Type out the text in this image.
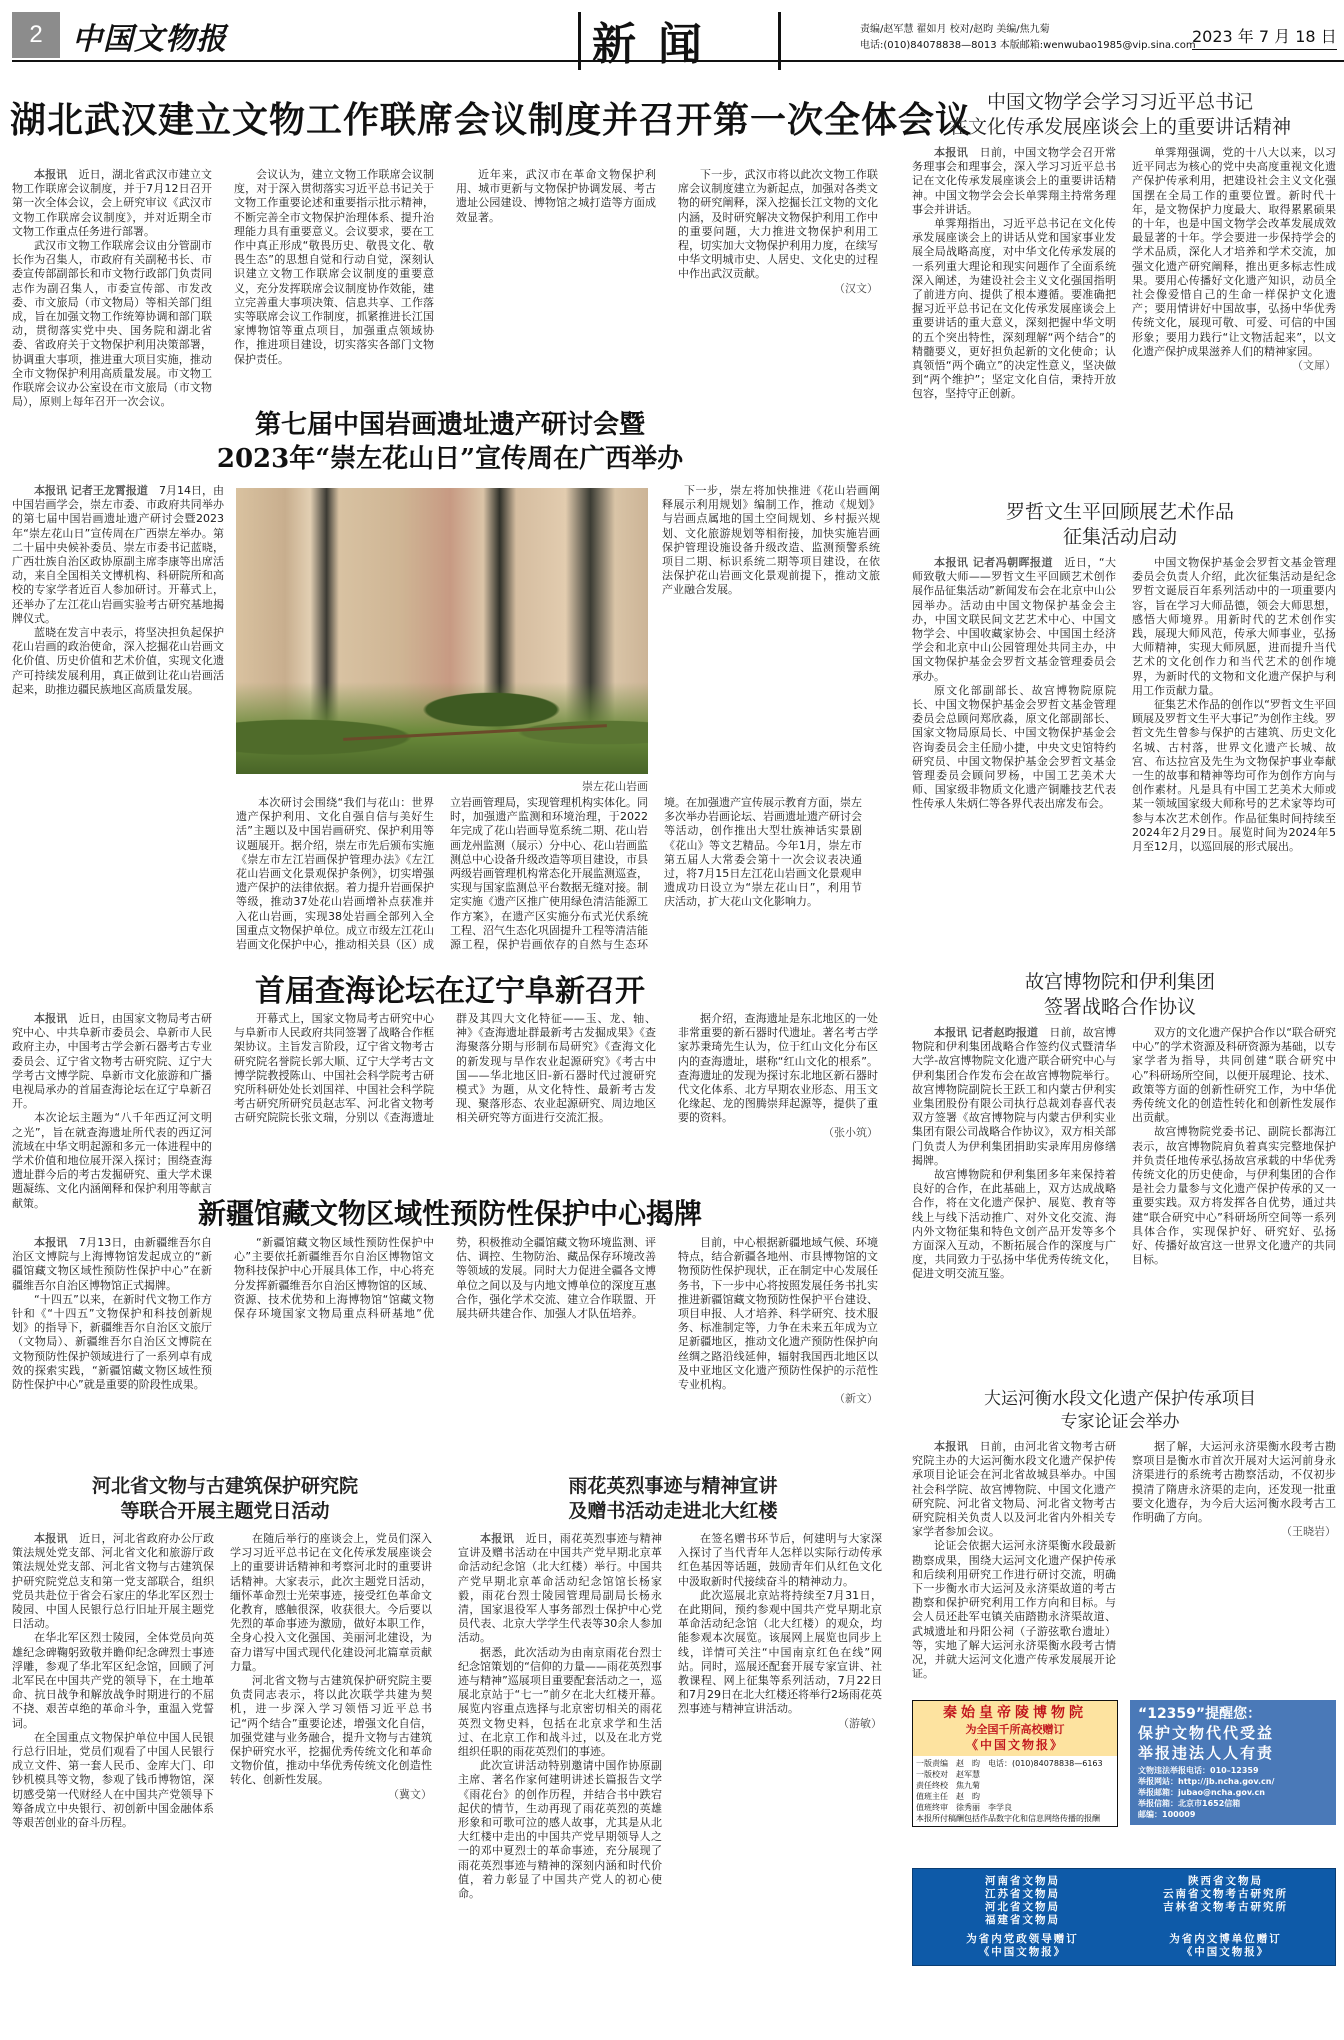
2 中国文物报	新闻	责编/赵军慧 翟如月 校对/赵昀 美编/焦九菊
电话:(010)84078838—8013 本版邮箱:wenwubao1985@vip.sina.com
2023 年 7 月 18 日
湖北武汉建立文物工作联席会议制度并召开第一次全体会议

本报讯　 近日，湖北省武汉市建立文物工作联席会议制度，并于7月12日召开第一次全体会议，会上研究审议《武汉市文物工作联席会议制度》，并对近期全市文物工作重点任务进行部署。

武汉市文物工作联席会议由分管副市长作为召集人，市政府有关副秘书长、市委宣传部副部长和市文物行政部门负责同志作为副召集人，市委宣传部、市发改委、市文旅局（市文物局）等相关部门组成，旨在加强文物工作统筹协调和部门联动，贯彻落实党中央、国务院和湖北省委、省政府关于文物保护利用决策部署，协调重大事项，推进重大项目实施，推动全市文物保护利用高质量发展。市文物工作联席会议办公室设在市文旅局（市文物局），原则上每年召开一次会议。

会议认为，建立文物工作联席会议制度，对于深入贯彻落实习近平总书记关于文物工作重要论述和重要指示批示精神，不断完善全市文物保护治理体系、提升治理能力具有重要意义。会议要求，要在工作中真正形成“敬畏历史、敬畏文化、敬畏生态”的思想自觉和行动自觉，深刻认识建立文物工作联席会议制度的重要意义，充分发挥联席会议制度协作效能，建立完善重大事项决策、信息共享、工作落实等联席会议工作制度，抓紧推进长江国家博物馆等重点项目，加强重点领域协作，推进项目建设，切实落实各部门文物保护责任。

近年来，武汉市在革命文物保护利用、城市更新与文物保护协调发展、考古遗址公园建设、博物馆之城打造等方面成效显著。

下一步，武汉市将以此次文物工作联席会议制度建立为新起点，加强对各类文物的研究阐释，深入挖掘长江文物的文化内涵，及时研究解决文物保护利用工作中的重要问题，大力推进文物保护利用工程，切实加大文物保护利用力度，在续写中华文明城市史、人居史、文化史的过程中作出武汉贡献。

（汉文）
中国文物学会学习习近平总书记
在文化传承发展座谈会上的重要讲话精神

本报讯　 日前，中国文物学会召开常务理事会和理事会，深入学习习近平总书记在文化传承发展座谈会上的重要讲话精神。中国文物学会会长单霁翔主持常务理事会并讲话。

单霁翔指出，习近平总书记在文化传承发展座谈会上的讲话从党和国家事业发展全局战略高度，对中华文化传承发展的一系列重大理论和现实问题作了全面系统深入阐述，为建设社会主义文化强国指明了前进方向、提供了根本遵循。要准确把握习近平总书记在文化传承发展座谈会上重要讲话的重大意义，深刻把握中华文明的五个突出特性，深刻理解“两个结合”的精髓要义，更好担负起新的文化使命；认真领悟“两个确立”的决定性意义，坚决做到“两个维护”；坚定文化自信，秉持开放包容，坚持守正创新。

单霁翔强调，党的十八大以来，以习近平同志为核心的党中央高度重视文化遗产保护传承利用，把建设社会主义文化强国摆在全局工作的重要位置。新时代十年，是文物保护力度最大、取得累累硕果的十年，也是中国文物学会改革发展成效最显著的十年。学会要进一步保持学会的学术品质，深化人才培养和学术交流，加强文化遗产研究阐释，推出更多标志性成果。要用心传播好文化遗产知识，动员全社会像爱惜自己的生命一样保护文化遗产；要用情讲好中国故事，弘扬中华优秀传统文化，展现可敬、可爱、可信的中国形象；要用力践行“让文物活起来”，以文化遗产保护成果滋养人们的精神家园。

（文犀）
第七届中国岩画遗址遗产研讨会暨
2023年“崇左花山日”宣传周在广西举办

本报讯 记者王龙霄报道　 7月14日，由中国岩画学会，崇左市委、市政府共同举办的第七届中国岩画遗址遗产研讨会暨2023年“崇左花山日”宣传周在广西崇左举办。第二十届中央候补委员、崇左市委书记蓝晓，广西壮族自治区政协原副主席李康等出席活动，来自全国相关文博机构、科研院所和高校的专家学者近百人参加研讨。开幕式上，还举办了左江花山岩画实验考古研究基地揭牌仪式。

蓝晓在发言中表示，将坚决担负起保护花山岩画的政治使命，深入挖掘花山岩画文化价值、历史价值和艺术价值，实现文化遗产可持续发展利用，真正做到让花山岩画活起来，助推边疆民族地区高质量发展。

崇左花山岩画

本次研讨会围绕“我们与花山：世界遗产保护利用、文化自强自信与美好生活”主题以及中国岩画研究、保护利用等议题展开。据介绍，崇左市先后颁布实施《崇左市左江岩画保护管理办法》《左江花山岩画文化景观保护条例》，切实增强遗产保护的法律依据。着力提升岩画保护等级，推动37处花山岩画增补点获准并入花山岩画，实现38处岩画全部列入全国重点文物保护单位。成立市级左江花山岩画文化保护中心，推动相关县（区）成立岩画管理局，实现管理机构实体化。同时，加强遗产监测和环境治理，于2022年完成了花山岩画导览系统二期、花山岩画龙州监测（展示）分中心、花山岩画监测总中心设备升级改造等项目建设，市县两级岩画管理机构常态化开展监测巡查，实现与国家监测总平台数据无缝对接。制定实施《遗产区推广使用绿色清洁能源工作方案》，在遗产区实施分布式光伏系统工程、沼气生态化巩固提升工程等清洁能源工程，保护岩画依存的自然与生态环境。在加强遗产宣传展示教育方面，崇左多次举办岩画论坛、岩画遗址遗产研讨会等活动，创作推出大型壮族神话实景剧《花山》等文艺精品。今年1月，崇左市第五届人大常委会第十一次会议表决通过，将7月15日左江花山岩画文化景观申遗成功日设立为“崇左花山日”，利用节庆活动，扩大花山文化影响力。

下一步，崇左将加快推进《花山岩画阐释展示利用规划》编制工作，推动《规划》与岩画点属地的国土空间规划、乡村振兴规划、文化旅游规划等相衔接，加快实施岩画保护管理设施设备升级改造、监测预警系统项目二期、标识系统二期等项目建设，在依法保护花山岩画文化景观前提下，推动文旅产业融合发展。

罗哲文生平回顾展艺术作品
征集活动启动

本报讯 记者冯朝晖报道　 近日，“大师致敬大师——罗哲文生平回顾艺术创作展作品征集活动”新闻发布会在北京中山公园举办。活动由中国文物保护基金会主办，中国文联民间文艺艺术中心、中国文物学会、中国收藏家协会、中国国土经济学会和北京中山公园管理处共同主办，中国文物保护基金会罗哲文基金管理委员会承办。

原文化部副部长、故宫博物院原院长、中国文物保护基金会罗哲文基金管理委员会总顾问郑欣淼，原文化部副部长、国家文物局原局长、中国文物保护基金会咨询委员会主任励小捷，中央文史馆特约研究员、中国文物保护基金会罗哲文基金管理委员会顾问罗杨，中国工艺美术大师、国家级非物质文化遗产铜雕技艺代表性传承人朱炳仁等各界代表出席发布会。

中国文物保护基金会罗哲文基金管理委员会负责人介绍，此次征集活动是纪念罗哲文诞辰百年系列活动中的一项重要内容，旨在学习大师品德，领会大师思想，感悟大师境界。用新时代的艺术创作实践，展现大师风范，传承大师事业，弘扬大师精神，实现大师夙愿，进而提升当代艺术的文化创作力和当代艺术的创作境界，为新时代的文物和文化遗产保护与利用工作贡献力量。

征集艺术作品的创作以“罗哲文生平回顾展及罗哲文生平大事记”为创作主线。罗哲文先生曾参与保护的古建筑、历史文化名城、古村落，世界文化遗产长城、故宫、布达拉宫及先生为文物保护事业奉献一生的故事和精神等均可作为创作方向与创作素材。凡是具有中国工艺美术大师或某一领域国家级大师称号的艺术家等均可参与本次艺术创作。作品征集时间持续至2024年2月29日。展览时间为2024年5月至12月，以巡回展的形式展出。

首届查海论坛在辽宁阜新召开

本报讯　 近日，由国家文物局考古研究中心、中共阜新市委员会、阜新市人民政府主办，中国考古学会新石器考古专业委员会、辽宁省文物考古研究院、辽宁大学考古文博学院、阜新市文化旅游和广播电视局承办的首届查海论坛在辽宁阜新召开。

本次论坛主题为“八千年西辽河文明之光”，旨在就查海遗址所代表的西辽河流域在中华文明起源和多元一体进程中的学术价值和地位展开深入探讨；围绕查海遗址群今后的考古发掘研究、重大学术课题凝练、文化内涵阐释和保护利用等献言献策。

开幕式上，国家文物局考古研究中心与阜新市人民政府共同签署了战略合作框架协议。主旨发言阶段，辽宁省文物考古研究院名誉院长郭大顺、辽宁大学考古文博学院教授陈山、中国社会科学院考古研究所科研处处长刘国祥、中国社会科学院考古研究所研究员赵志军、河北省文物考古研究院院长张文瑞，分别以《查海遗址群及其四大文化特征——玉、龙、轴、神》《查海遗址群最新考古发掘成果》《查海聚落分期与形制布局研究》《查海文化的新发现与旱作农业起源研究》《考古中国——华北地区旧-新石器时代过渡研究模式》为题，从文化特性、最新考古发现、聚落形态、农业起源研究、周边地区相关研究等方面进行交流汇报。

据介绍，查海遗址是东北地区的一处非常重要的新石器时代遗址。著名考古学家苏秉琦先生认为，位于红山文化分布区内的查海遗址，堪称“红山文化的根系”。查海遗址的发现为探讨东北地区新石器时代文化体系、北方早期农业形态、用玉文化缘起、龙的图腾崇拜起源等，提供了重要的资料。

（张小筑）
故宫博物院和伊利集团
签署战略合作协议

本报讯 记者赵昀报道　 日前，故宫博物院和伊利集团战略合作签约仪式暨清华大学-故宫博物院文化遗产联合研究中心与伊利集团合作发布会在故宫博物院举行。故宫博物院副院长王跃工和内蒙古伊利实业集团股份有限公司执行总裁刘春喜代表双方签署《故宫博物院与内蒙古伊利实业集团有限公司战略合作协议》，双方相关部门负责人为伊利集团捐助实录库用房修缮揭牌。

故宫博物院和伊利集团多年来保持着良好的合作，在此基础上，双方达成战略合作，将在文化遗产保护、展览、教育等线上与线下活动推广、对外文化交流、海内外文物征集和特色文创产品开发等多个方面深入互动，不断拓展合作的深度与广度，共同致力于弘扬中华优秀传统文化，促进文明交流互鉴。

双方的文化遗产保护合作以“联合研究中心”的学术资源及科研资源为基础，以专家学者为指导，共同创建“联合研究中心”科研场所空间，以便开展理论、技术、政策等方面的创新性研究工作，为中华优秀传统文化的创造性转化和创新性发展作出贡献。

故宫博物院党委书记、副院长都海江表示，故宫博物院肩负着真实完整地保护并负责任地传承弘扬故宫承载的中华优秀传统文化的历史使命，与伊利集团的合作是社会力量参与文化遗产保护传承的又一重要实践。双方将发挥各自优势，通过共建“联合研究中心”科研场所空间等一系列具体合作，实现保护好、研究好、弘扬好、传播好故宫这一世界文化遗产的共同目标。

新疆馆藏文物区域性预防性保护中心揭牌

本报讯　 7月13日，由新疆维吾尔自治区文博院与上海博物馆发起成立的“新疆馆藏文物区域性预防性保护中心”在新疆维吾尔自治区博物馆正式揭牌。

“十四五”以来，在新时代文物工作方针和《“十四五”文物保护和科技创新规划》的指导下，新疆维吾尔自治区文旅厅（文物局）、新疆维吾尔自治区文博院在文物预防性保护领域进行了一系列卓有成效的探索实践，“新疆馆藏文物区域性预防性保护中心”就是重要的阶段性成果。

“新疆馆藏文物区域性预防性保护中心”主要依托新疆维吾尔自治区博物馆文物科技保护中心开展具体工作，中心将充分发挥新疆维吾尔自治区博物馆的区域、资源、技术优势和上海博物馆“馆藏文物保存环境国家文物局重点科研基地”优势，积极推动全疆馆藏文物环境监测、评估、调控、生物防治、藏品保存环境改善等领域的发展。同时大力促进全疆各文博单位之间以及与内地文博单位的深度互惠合作，强化学术交流、建立合作联盟、开展共研共建合作、加强人才队伍培养。

目前，中心根据新疆地域气候、环境特点，结合新疆各地州、市县博物馆的文物预防性保护现状，正在制定中心发展任务书，下一步中心将按照发展任务书扎实推进新疆馆藏文物预防性保护平台建设、项目申报、人才培养、科学研究、技术服务、标准制定等，力争在未来五年成为立足新疆地区，推动文化遗产预防性保护向丝绸之路沿线延伸，辐射我国西北地区以及中亚地区文化遗产预防性保护的示范性专业机构。

（新文）	大运河衡水段文化遗产保护传承项目
专家论证会举办

本报讯　 日前，由河北省文物考古研究院主办的大运河衡水段文化遗产保护传承项目论证会在河北省故城县举办。中国社会科学院、故宫博物院、中国文化遗产研究院、河北省文物局、河北省文物考古研究院相关负责人以及河北省内外相关专家学者参加会议。

论证会依据大运河永济渠衡水段最新勘察成果，围绕大运河文化遗产保护传承和后续利用研究工作进行研讨交流，明确下一步衡水市大运河及永济渠故道的考古勘察和保护研究利用工作方向和目标。与会人员还赴军屯镇关庙踏勘永济渠故道、武城遗址和丹阳公祠（子游弦歌台遗址）等，实地了解大运河永济渠衡水段考古情况，并就大运河文化遗产传承发展展开论证。

据了解，大运河永济渠衡水段考古勘察项目是衡水市首次开展对大运河前身永济渠进行的系统考古勘察活动，不仅初步摸清了隋唐永济渠的走向，还发现一批重要文化遗存，为今后大运河衡水段考古工作明确了方向。

（王晓岩）
河北省文物与古建筑保护研究院
等联合开展主题党日活动

本报讯　 近日，河北省政府办公厅政策法规处党支部、河北省文化和旅游厅政策法规处党支部、河北省文物与古建筑保护研究院党总支和第一党支部联合，组织党员共赴位于省会石家庄的华北军区烈士陵园、中国人民银行总行旧址开展主题党日活动。

在华北军区烈士陵园，全体党员向英雄纪念碑鞠躬致敬并瞻仰纪念碑烈士事迹浮雕，参观了华北军区纪念馆，回顾了河北军民在中国共产党的领导下，在土地革命、抗日战争和解放战争时期进行的不屈不挠、艰苦卓绝的革命斗争，重温入党誓词。

在全国重点文物保护单位中国人民银行总行旧址，党员们观看了中国人民银行成立文件、第一套人民币、金库大门、印钞机模具等文物，参观了钱币博物馆，深切感受第一代财经人在中国共产党领导下筹备成立中央银行、初创新中国金融体系等艰苦创业的奋斗历程。

在随后举行的座谈会上，党员们深入学习习近平总书记在文化传承发展座谈会上的重要讲话精神和考察河北时的重要讲话精神。大家表示，此次主题党日活动，缅怀革命烈士光荣事迹，接受红色革命文化教育，感触很深，收获很大。今后要以先烈的革命事迹为激励，做好本职工作，全身心投入文化强国、美丽河北建设，为奋力谱写中国式现代化建设河北篇章贡献力量。

河北省文物与古建筑保护研究院主要负责同志表示，将以此次联学共建为契机，进一步深入学习领悟习近平总书记“两个结合”重要论述，增强文化自信，加强党建与业务融合，提升文物与古建筑保护研究水平，挖掘优秀传统文化和革命文物价值，推动中华优秀传统文化创造性转化、创新性发展。

（冀文）
雨花英烈事迹与精神宣讲
及赠书活动走进北大红楼

本报讯　 近日，雨花英烈事迹与精神宣讲及赠书活动在中国共产党早期北京革命活动纪念馆（北大红楼）举行。中国共产党早期北京革命活动纪念馆馆长杨家毅，雨花台烈士陵园管理局副局长杨永清，国家退役军人事务部烈士保护中心党员代表、北京大学学生代表等30余人参加活动。

据悉，此次活动为由南京雨花台烈士纪念馆策划的“信仰的力量——雨花英烈事迹与精神”巡展项目重要配套活动之一，巡展北京站于“七一”前夕在北大红楼开幕。展览内容重点选择与北京密切相关的雨花英烈文物史料，包括在北京求学和生活过、在北京工作和战斗过，以及在北方党组织任职的雨花英烈们的事迹。

此次宣讲活动特别邀请中国作协原副主席、著名作家何建明讲述长篇报告文学《雨花台》的创作历程，并结合书中跌宕起伏的情节，生动再现了雨花英烈的英雄形象和可歌可泣的感人故事，尤其是从北大红楼中走出的中国共产党早期领导人之一的邓中夏烈士的革命事迹，充分展现了雨花英烈事迹与精神的深刻内涵和时代价值，着力彰显了中国共产党人的初心使命。

在签名赠书环节后，何建明与大家深入探讨了当代青年人怎样以实际行动传承红色基因等话题，鼓励青年们从红色文化中汲取新时代接续奋斗的精神动力。

此次巡展北京站将持续至7月31日，在此期间，预约参观中国共产党早期北京革命活动纪念馆（北大红楼）的观众，均能参观本次展览。该展网上展览也同步上线，详情可关注“中国南京红色在线”网站。同时，巡展还配套开展专家宣讲、社教课程、网上征集等系列活动，7月22日和7月29日在北大红楼还将举行2场雨花英烈事迹与精神宣讲活动。

（游敏）
秦始皇帝陵博物院
为全国千所高校赠订
《中国文物报》
一版责编　赵　昀　电话：(010)84078838—6163
一版校对　赵军慧
责任终校　焦九菊
值班主任　赵　昀
值班终审　徐秀丽　李学良
本报所付稿酬包括作品数字化和信息网络传播的报酬
“12359”提醒您：
保护文物代代受益
举报违法人人有责
文物违法举报电话：010–12359
举报网站：http://jb.ncha.gov.cn/
举报邮箱：jubao@ncha.gov.cn
举报信箱：北京市1652信箱
邮编：100009
河南省文物局
江苏省文物局
河北省文物局
福建省文物局
为省内党政领导赠订
《中国文物报》
陕西省文物局
云南省文物考古研究所
吉林省文物考古研究所
为省内文博单位赠订
《中国文物报》
